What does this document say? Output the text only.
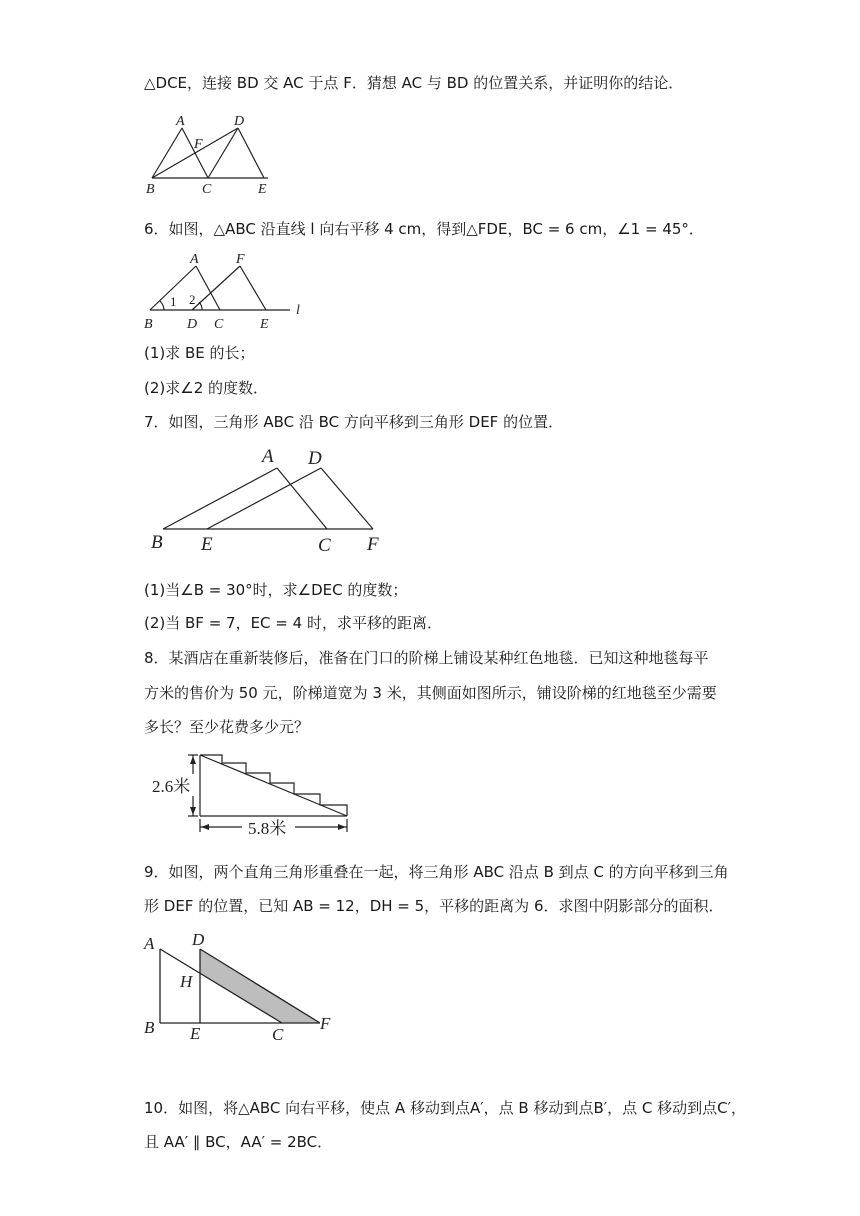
△DCE，连接 BD 交 AC 于点 F．猜想 AC 与 BD 的位置关系，并证明你的结论．
A	D
F
B	C	E
6．如图，△ABC 沿直线 l 向右平移 4 cm，得到△FDE，BC = 6 cm，∠1 = 45°．
A	F
1 2
l
B D C	E
(1)求 BE 的长；
(2)求∠2 的度数．
7．如图，三角形 ABC 沿 BC 方向平移到三角形 DEF 的位置．
A D
B E	C F
(1)当∠B = 30°时，求∠DEC 的度数；
(2)当 BF = 7，EC = 4 时，求平移的距离．
8．某酒店在重新装修后，准备在门口的阶梯上铺设某种红色地毯．已知这种地毯每平
方米的售价为 50 元，阶梯道宽为 3 米，其侧面如图所示，铺设阶梯的红地毯至少需要
多长？至少花费多少元？
2.6米
5.8米
9．如图，两个直角三角形重叠在一起，将三角形 ABC 沿点 B 到点 C 的方向平移到三角
形 DEF 的位置，已知 AB = 12，DH = 5，平移的距离为 6．求图中阴影部分的面积．
A D
H
B E	C
F
10．如图，将△ABC 向右平移，使点 A 移动到点A′，点 B 移动到点B′，点 C 移动到点C′，
且 AA′ ∥ BC，AA′ = 2BC．
